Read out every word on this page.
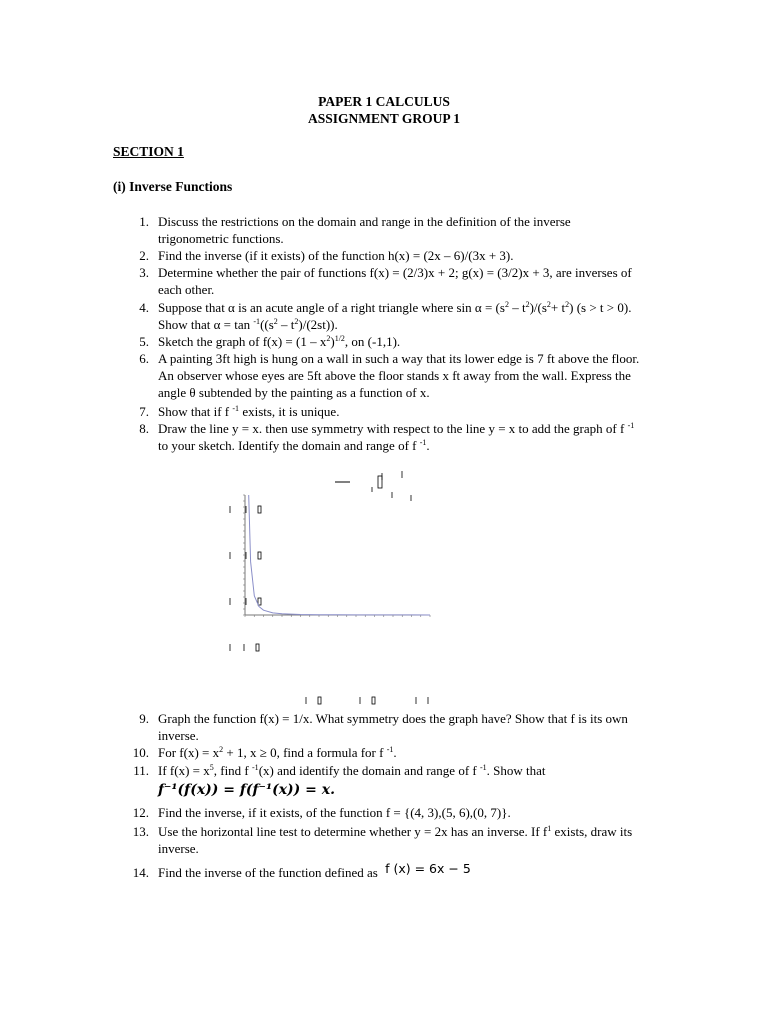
PAPER 1 CALCULUS
ASSIGNMENT GROUP 1
SECTION 1
(i) Inverse Functions
1. Discuss the restrictions on the domain and range in the definition of the inverse trigonometric functions.
2. Find the inverse (if it exists) of the function h(x) = (2x – 6)/(3x + 3).
3. Determine whether the pair of functions f(x) = (2/3)x + 2; g(x) = (3/2)x + 3, are inverses of each other.
4. Suppose that α is an acute angle of a right triangle where $\sin \alpha = (s^2 - t^2)/(s^2+ t^2) (s > t > 0)$. Show that $\alpha = \tan ^{-1}((s^2 - t^2)/(2st))$.
5. Sketch the graph of $f(x) = (1 - x^2)^{1/2}$, on (-1,1).
6. A painting 3ft high is hung on a wall in such a way that its lower edge is 7 ft above the floor. An observer whose eyes are 5ft above the floor stands x ft away from the wall. Express the angle θ subtended by the painting as a function of x.
7. Show that if f $^{-1}$ exists, it is unique.
8. Draw the line y = x. then use symmetry with respect to the line y = x to add the graph of f $^{-1}$ to your sketch. Identify the domain and range of f $^{-1}$.
9. Graph the function f(x) = 1/x. What symmetry does the graph have? Show that f is its own inverse.
10. For $f(x) = x^2 + 1$, x ≥ 0, find a formula for f $^{-1}$.
11. If $f(x) = x^5$, find f $^{-1}$(x) and identify the domain and range of f $^{-1}$. Show that
f⁻¹(f(x)) = f(f⁻¹(x)) = x.
12. Find the inverse, if it exists, of the function f = {(4, 3),(5, 6),(0, 7)}.
13. Use the horizontal line test to determine whether y = 2x has an inverse. If $f^1$ exists, draw its inverse.
14. Find the inverse of the function defined as f (x) = 6x − 5
